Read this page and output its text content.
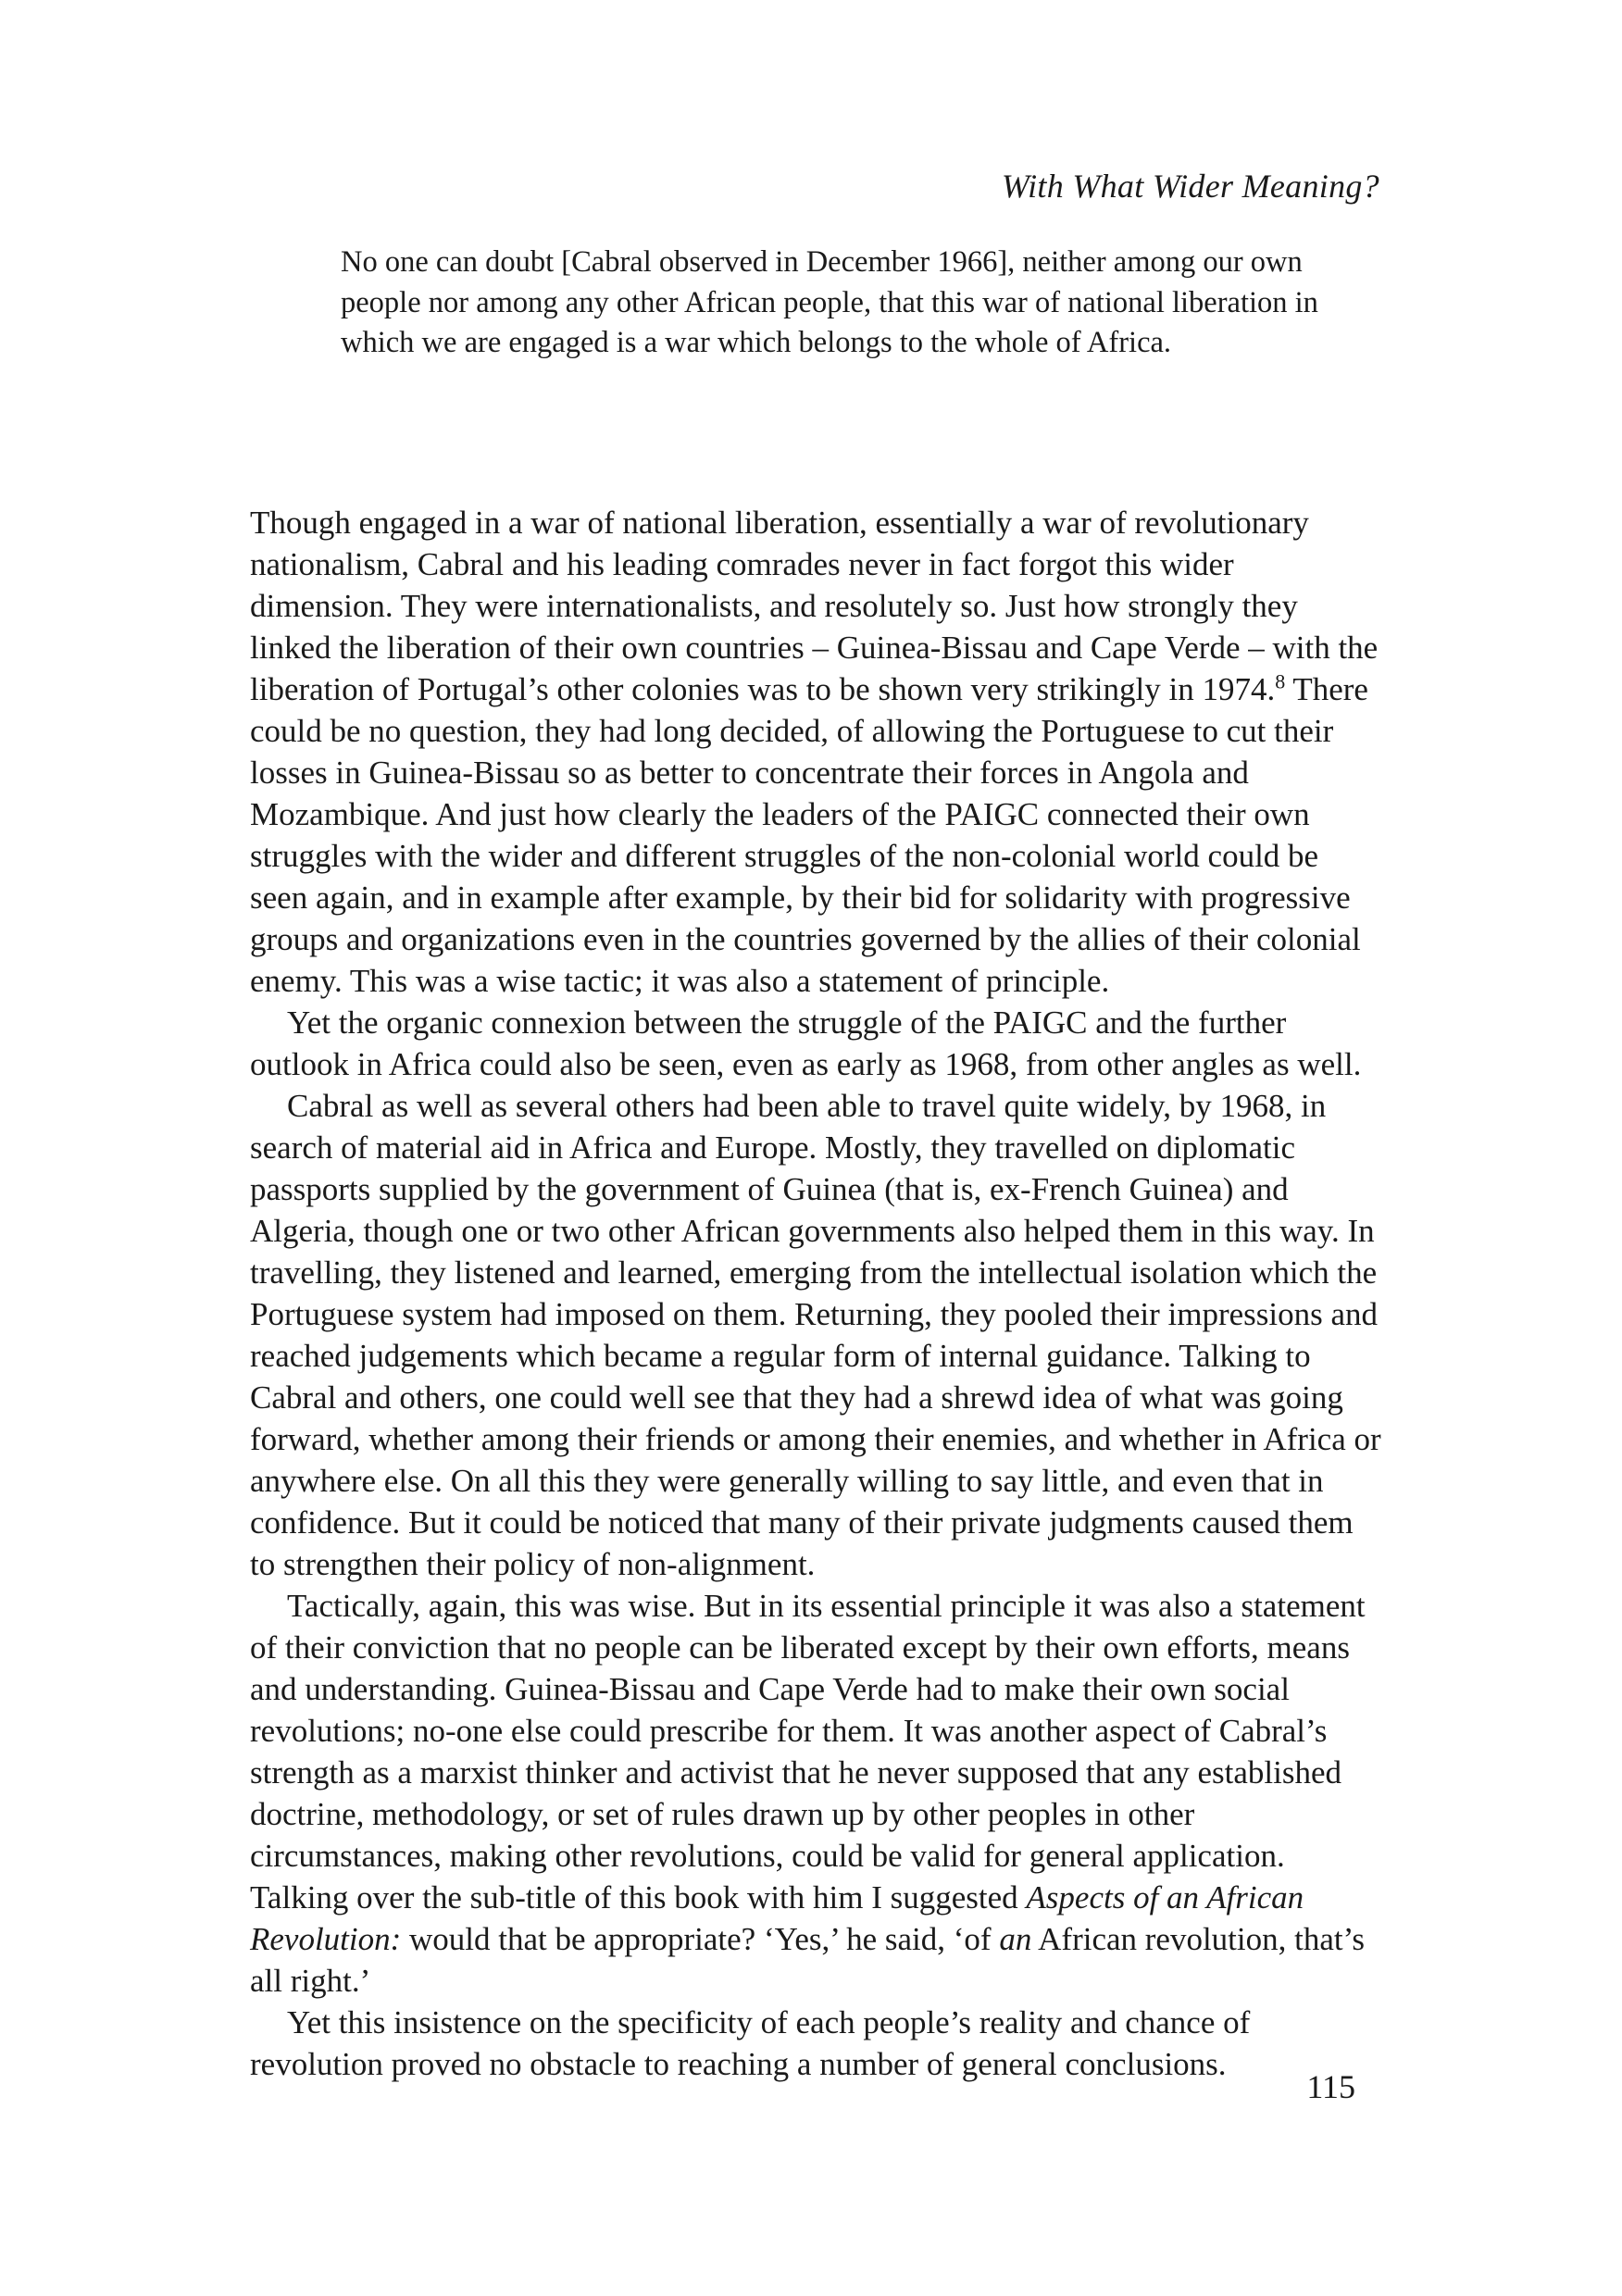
With What Wider Meaning?

No one can doubt [Cabral observed in December 1966], neither among our own people nor among any other African people, that this war of national liberation in which we are engaged is a war which belongs to the whole of Africa.

Though engaged in a war of national liberation, essentially a war of revolutionary nationalism, Cabral and his leading comrades never in fact forgot this wider dimension. They were internationalists, and resolutely so. Just how strongly they linked the liberation of their own countries – Guinea-Bissau and Cape Verde – with the liberation of Portugal’s other colonies was to be shown very strikingly in 1974.$^8$ There could be no question, they had long decided, of allowing the Portuguese to cut their losses in Guinea-Bissau so as better to concentrate their forces in Angola and Mozambique. And just how clearly the leaders of the PAIGC connected their own struggles with the wider and different struggles of the non-colonial world could be seen again, and in example after example, by their bid for solidarity with progressive groups and organizations even in the countries governed by the allies of their colonial enemy. This was a wise tactic; it was also a statement of principle.

Yet the organic connexion between the struggle of the PAIGC and the further outlook in Africa could also be seen, even as early as 1968, from other angles as well.

Cabral as well as several others had been able to travel quite widely, by 1968, in search of material aid in Africa and Europe. Mostly, they travelled on diplomatic passports supplied by the government of Guinea (that is, ex-French Guinea) and Algeria, though one or two other African governments also helped them in this way. In travelling, they listened and learned, emerging from the intellectual isolation which the Portuguese system had imposed on them. Returning, they pooled their impressions and reached judgements which became a regular form of internal guidance. Talking to Cabral and others, one could well see that they had a shrewd idea of what was going forward, whether among their friends or among their enemies, and whether in Africa or anywhere else. On all this they were generally willing to say little, and even that in confidence. But it could be noticed that many of their private judgments caused them to strengthen their policy of non-alignment.

Tactically, again, this was wise. But in its essential principle it was also a statement of their conviction that no people can be liberated except by their own efforts, means and understanding. Guinea-Bissau and Cape Verde had to make their own social revolutions; no-one else could prescribe for them. It was another aspect of Cabral’s strength as a marxist thinker and activist that he never supposed that any established doctrine, methodology, or set of rules drawn up by other peoples in other circumstances, making other revolutions, could be valid for general application. Talking over the sub-title of this book with him I suggested Aspects of an African Revolution: would that be appropriate? ‘Yes,’ he said, ‘of an African revolution, that’s all right.’

Yet this insistence on the specificity of each people’s reality and chance of revolution proved no obstacle to reaching a number of general conclusions.

115
